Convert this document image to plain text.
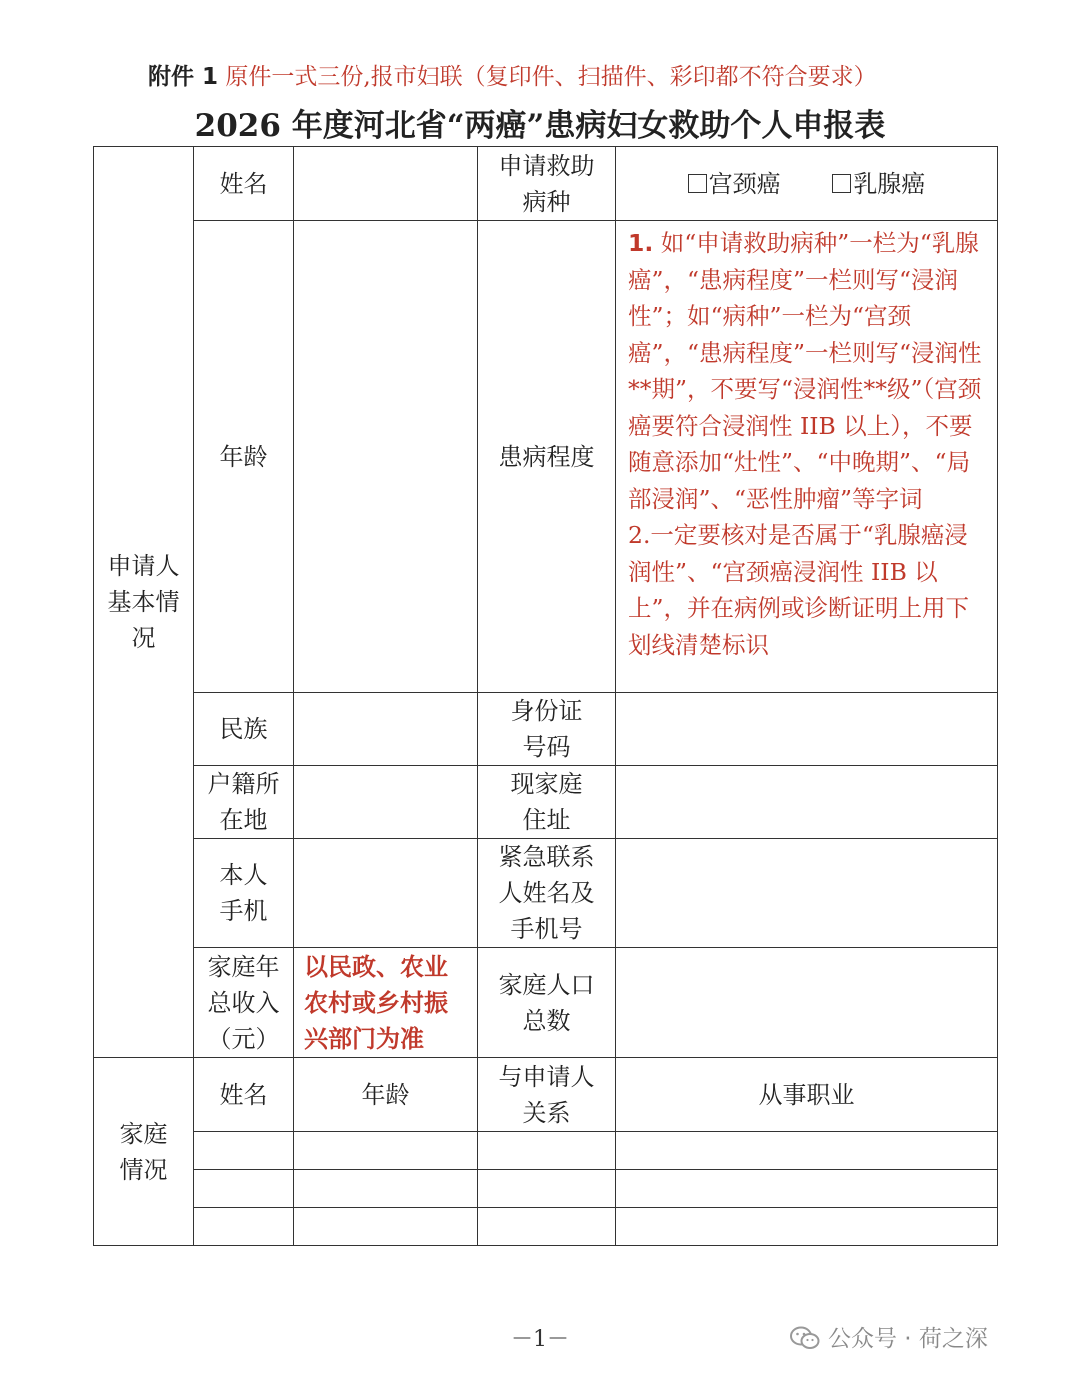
附件 1 原件一式三份,报市妇联（复印件、扫描件、彩印都不符合要求）
2026 年度河北省“两癌”患病妇女救助个人申报表
申请人基本情况	姓名		申请救助病种	宫颈癌 乳腺癌
	年龄		患病程度	1. 如“申请救助病种”一栏为“乳腺癌”，“患病程度”一栏则写“浸润性”；如“病种”一栏为“宫颈癌”，“患病程度”一栏则写“浸润性**期”，不要写“浸润性**级”（宫颈癌要符合浸润性 IIB 以上），不要随意添加“灶性”、“中晚期”、“局部浸润”、“恶性肿瘤”等字词
2.一定要核对是否属于“乳腺癌浸润性”、“宫颈癌浸润性 IIB 以上”，并在病例或诊断证明上用下划线清楚标识

	民族		身份证号码	

	户籍所在地		现家庭住址	

	本人手机		紧急联系人姓名及手机号	

	家庭年总收入（元）	以民政、农业农村或乡村振兴部门为准	家庭人口总数	

家庭情况	姓名	年龄	与申请人关系	从事职业

－1－	公众号 · 荷之深
